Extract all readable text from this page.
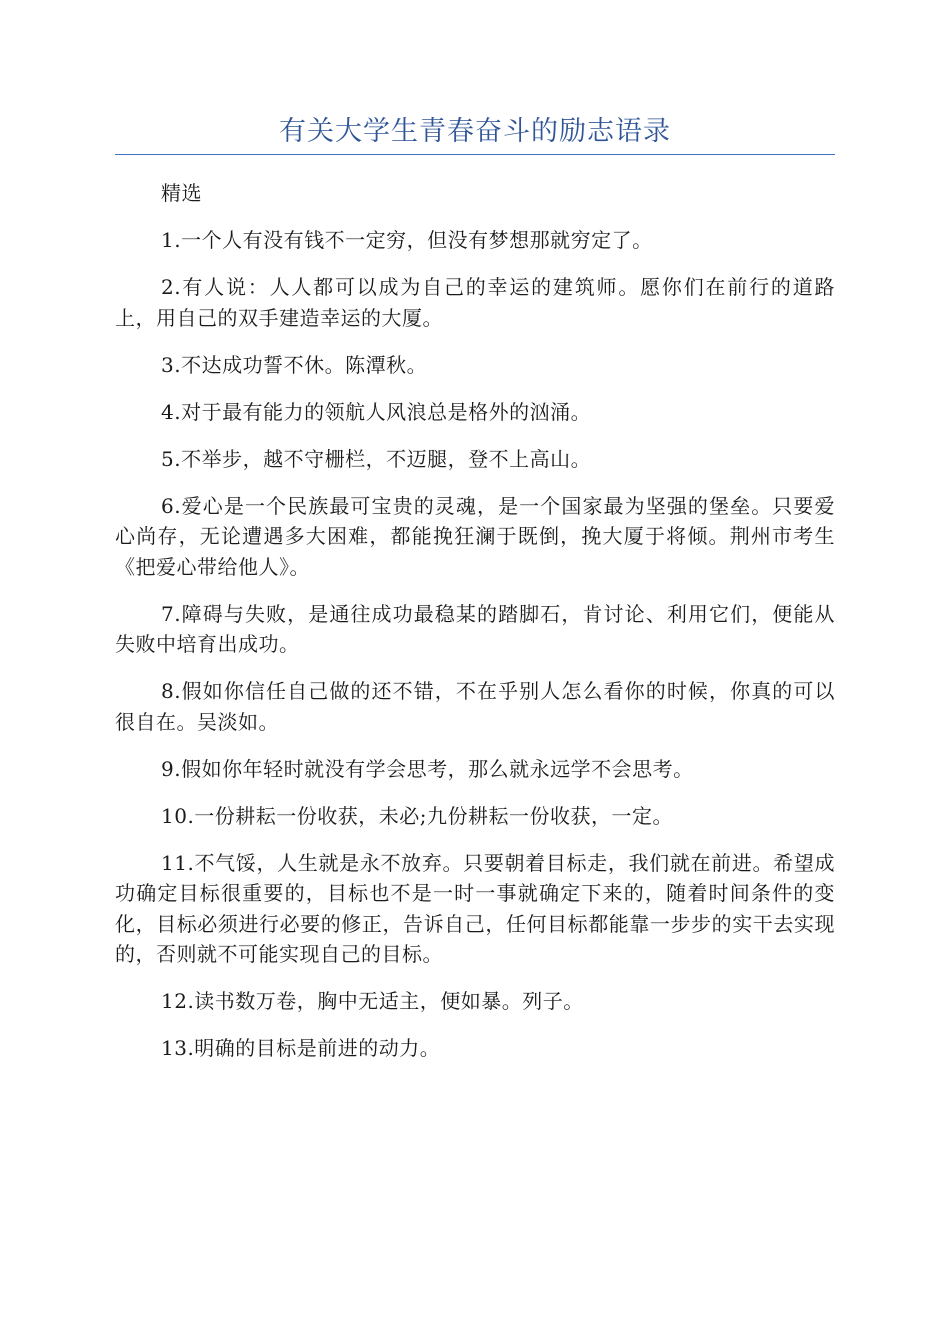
有关大学生青春奋斗的励志语录

精选

1.一个人有没有钱不一定穷，但没有梦想那就穷定了。

2.有人说：人人都可以成为自己的幸运的建筑师。愿你们在前行的道路上，用自己的双手建造幸运的大厦。

3.不达成功誓不休。陈潭秋。

4.对于最有能力的领航人风浪总是格外的汹涌。

5.不举步，越不守栅栏，不迈腿，登不上高山。

6.爱心是一个民族最可宝贵的灵魂，是一个国家最为坚强的堡垒。只要爱心尚存，无论遭遇多大困难，都能挽狂澜于既倒，挽大厦于将倾。荆州市考生《把爱心带给他人》。

7.障碍与失败，是通往成功最稳某的踏脚石，肯讨论、利用它们，便能从失败中培育出成功。

8.假如你信任自己做的还不错，不在乎别人怎么看你的时候，你真的可以很自在。吴淡如。

9.假如你年轻时就没有学会思考，那么就永远学不会思考。

10.一份耕耘一份收获，未必;九份耕耘一份收获，一定。

11.不气馁，人生就是永不放弃。只要朝着目标走，我们就在前进。希望成功确定目标很重要的，目标也不是一时一事就确定下来的，随着时间条件的变化，目标必须进行必要的修正，告诉自己，任何目标都能靠一步步的实干去实现的，否则就不可能实现自己的目标。

12.读书数万卷，胸中无适主，便如暴。列子。

13.明确的目标是前进的动力。
